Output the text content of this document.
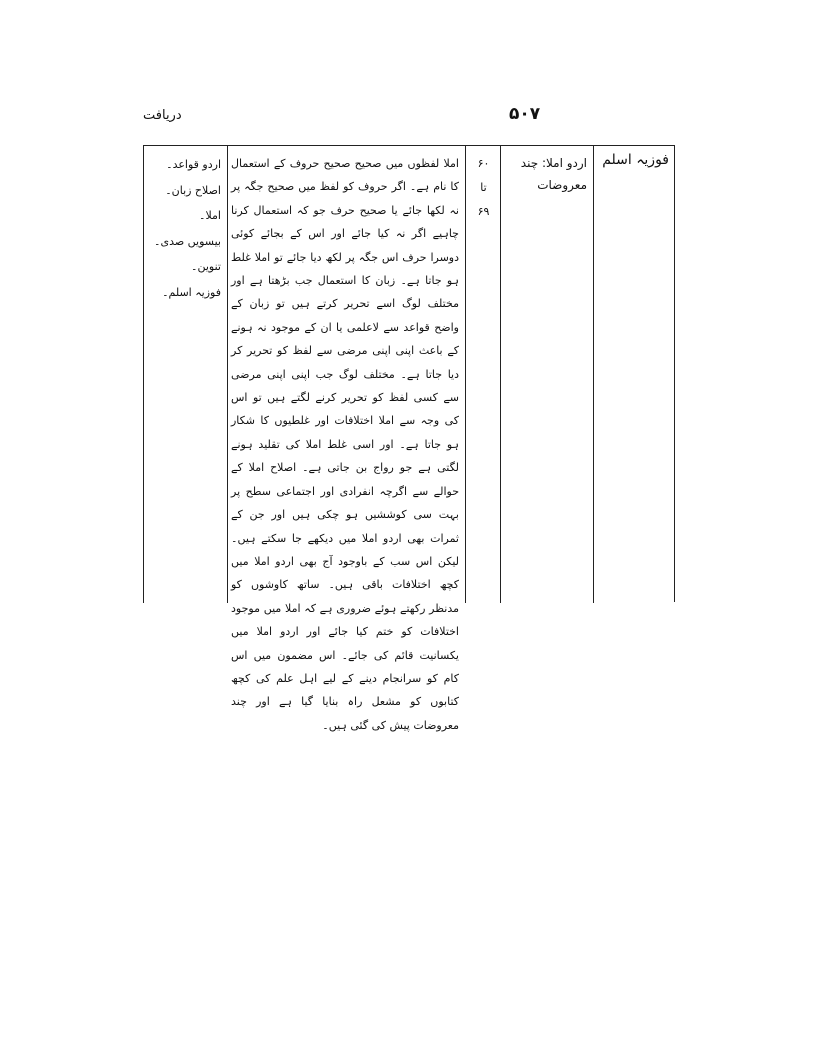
دریافت	۵۰۷
فوزیہ اسلم
اردو املا: چند معروضات
۶۰
تا
۶۹
املا لفظوں میں صحیح صحیح حروف کے استعمال کا نام ہے۔ اگر حروف کو لفظ میں صحیح جگہ پر نہ لکھا جائے یا صحیح حرف جو کہ استعمال کرنا چاہیے اگر نہ کیا جائے اور اس کے بجائے کوئی دوسرا حرف اس جگہ پر لکھ دیا جائے تو املا غلط ہو جاتا ہے۔ زبان کا استعمال جب بڑھتا ہے اور مختلف لوگ اسے تحریر کرتے ہیں تو زبان کے واضح قواعد سے لاعلمی یا ان کے موجود نہ ہونے کے باعث اپنی اپنی مرضی سے لفظ کو تحریر کر دیا جاتا ہے۔ مختلف لوگ جب اپنی اپنی مرضی سے کسی لفظ کو تحریر کرنے لگتے ہیں تو اس کی وجہ سے املا اختلافات اور غلطیوں کا شکار ہو جاتا ہے۔ اور اسی غلط املا کی تقلید ہونے لگتی ہے جو رواج بن جاتی ہے۔ اصلاح املا کے حوالے سے اگرچہ انفرادی اور اجتماعی سطح پر بہت سی کوششیں ہو چکی ہیں اور جن کے ثمرات بھی اردو املا میں دیکھے جا سکتے ہیں۔ لیکن اس سب کے باوجود آج بھی اردو املا میں کچھ اختلافات باقی ہیں۔ ساتھ کاوشوں کو مدنظر رکھتے ہوئے ضروری ہے کہ املا میں موجود اختلافات کو ختم کیا جائے اور اردو املا میں یکسانیت قائم کی جائے۔ اس مضمون میں اس کام کو سرانجام دینے کے لیے اہل علم کی کچھ کتابوں کو مشعل راہ بنایا گیا ہے اور چند معروضات پیش کی گئی ہیں۔
اردو قواعد۔
اصلاح زبان۔
املا۔
بیسویں صدی۔
تنوین۔
فوزیہ اسلم۔
